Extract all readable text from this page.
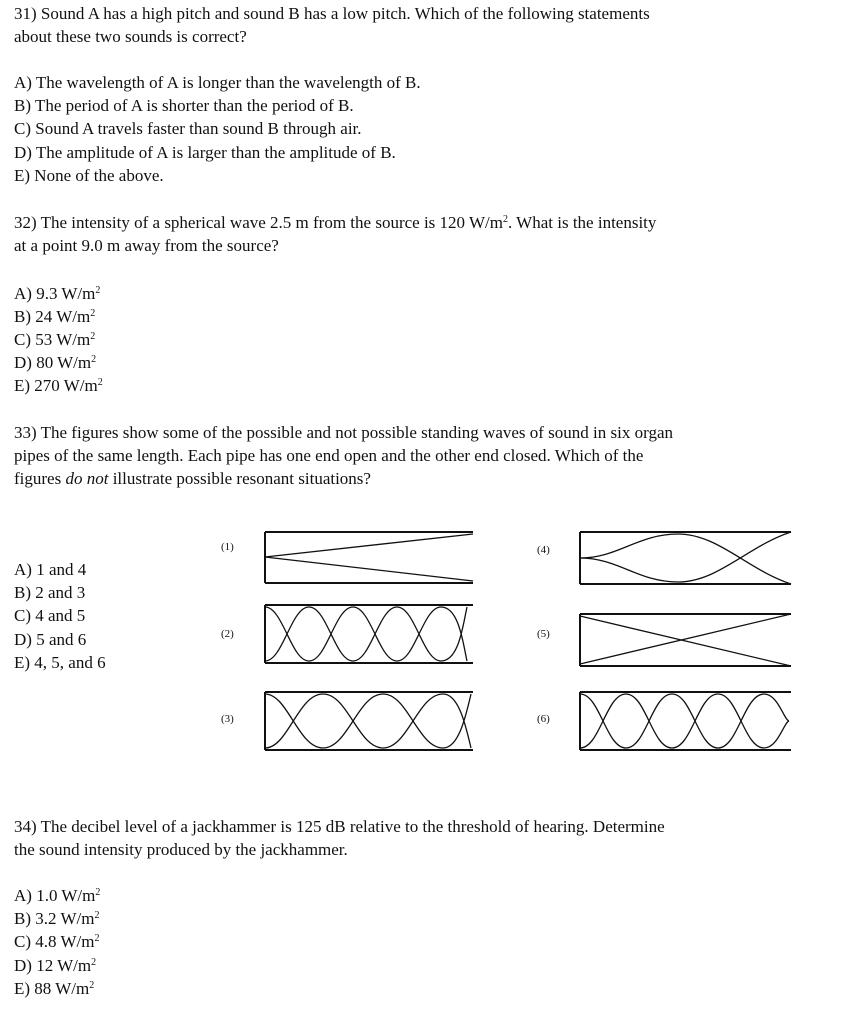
31) Sound A has a high pitch and sound B has a low pitch. Which of the following statements
about these two sounds is correct?
A) The wavelength of A is longer than the wavelength of B.
B) The period of A is shorter than the period of B.
C) Sound A travels faster than sound B through air.
D) The amplitude of A is larger than the amplitude of B.
E) None of the above.
32) The intensity of a spherical wave 2.5 m from the source is 120 $W/m^2$. What is the intensity
at a point 9.0 m away from the source?
A) 9.3 $W/m^2$
B) 24 $W/m^2$
C) 53 $W/m^2$
D) 80 $W/m^2$
E) 270 $W/m^2$
33) The figures show some of the possible and not possible standing waves of sound in six organ
pipes of the same length. Each pipe has one end open and the other end closed. Which of the
figures do not illustrate possible resonant situations?
A) 1 and 4
B) 2 and 3
C) 4 and 5
D) 5 and 6
E) 4, 5, and 6
(1)
(2)
(3)
(4)
(5)
(6)
34) The decibel level of a jackhammer is 125 dB relative to the threshold of hearing. Determine
the sound intensity produced by the jackhammer.
A) 1.0 $W/m^2$
B) 3.2 $W/m^2$
C) 4.8 $W/m^2$
D) 12 $W/m^2$
E) 88 $W/m^2$
